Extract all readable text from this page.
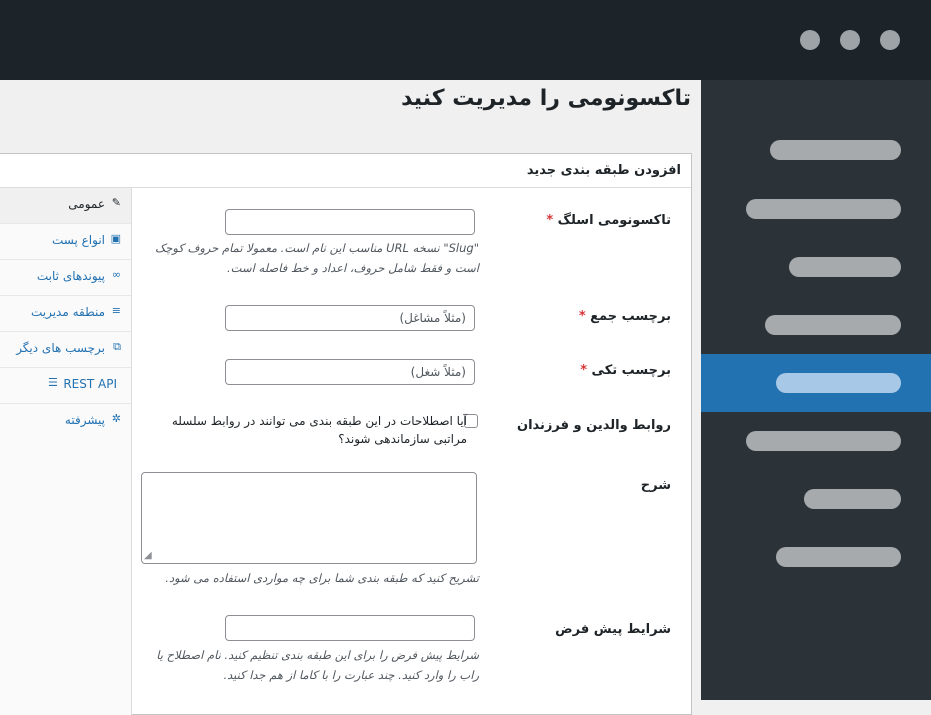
تاکسونومی را مدیریت کنید
افزودن طبقه بندی جدید
✎
عمومی
▣
انواع پست
∞
پیوندهای ثابت
≡
منطقه مدیریت
⧉
برچسب های دیگر
☰ REST API
✲
پیشرفته
تاکسونومی اسلگ *
"Slug" نسخه URL مناسب این نام است. معمولا تمام حروف کوچک
است و فقط شامل حروف، اعداد و خط فاصله است.
برچسب جمع *
(مثلاً مشاغل)
برچسب تکی *
(مثلاً شغل)
روابط والدین و فرزندان
آیا اصطلاحات در این طبقه بندی می توانند در روابط سلسله
مراتبی سازماندهی شوند؟
شرح
◢
تشریح کنید که طبقه بندی شما برای چه مواردی استفاده می شود.
شرایط پیش فرض
شرایط پیش فرض را برای این طبقه بندی تنظیم کنید. نام اصطلاح یا
راب را وارد کنید. چند عبارت را با کاما از هم جدا کنید.
